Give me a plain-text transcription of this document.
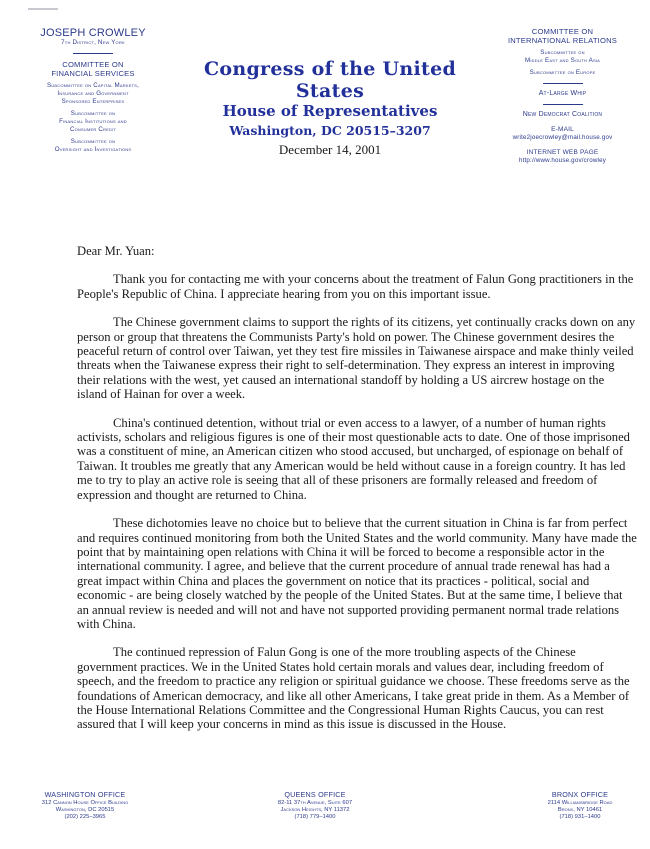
JOSEPH CROWLEY
7th District, New York
COMMITTEE ON
FINANCIAL SERVICES
Subcommittee on Capital Markets,
Insurance and Government
Sponsored Enterprises
Subcommittee on
Financial Institutions and
Consumer Credit
Subcommittee on
Oversight and Investigations
Congress of the United States
House of Representatives
Washington, DC 20515–3207
December 14, 2001
COMMITTEE ON
INTERNATIONAL RELATIONS
Subcommittee on
Middle East and South Asia
Subcommittee on Europe
At-Large Whip
New Democrat Coalition
E-MAIL
write2joecrowley@mail.house.gov
INTERNET WEB PAGE
http://www.house.gov/crowley
Dear Mr. Yuan:

Thank you for contacting me with your concerns about the treatment of Falun Gong practitioners in the People's Republic of China. I appreciate hearing from you on this important issue.

The Chinese government claims to support the rights of its citizens, yet continually cracks down on any person or group that threatens the Communists Party's hold on power. The Chinese government desires the peaceful return of control over Taiwan, yet they test fire missiles in Taiwanese airspace and make thinly veiled threats when the Taiwanese express their right to self-determination. They express an interest in improving their relations with the west, yet caused an international standoff by holding a US aircrew hostage on the island of Hainan for over a week.

China's continued detention, without trial or even access to a lawyer, of a number of human rights activists, scholars and religious figures is one of their most questionable acts to date. One of those imprisoned was a constituent of mine, an American citizen who stood accused, but uncharged, of espionage on behalf of Taiwan. It troubles me greatly that any American would be held without cause in a foreign country. It has led me to try to play an active role is seeing that all of these prisoners are formally released and freedom of expression and thought are returned to China.

These dichotomies leave no choice but to believe that the current situation in China is far from perfect and requires continued monitoring from both the United States and the world community. Many have made the point that by maintaining open relations with China it will be forced to become a responsible actor in the international community. I agree, and believe that the current procedure of annual trade renewal has had a great impact within China and places the government on notice that its practices - political, social and economic - are being closely watched by the people of the United States. But at the same time, I believe that an annual review is needed and will not and have not supported providing permanent normal trade relations with China.

The continued repression of Falun Gong is one of the more troubling aspects of the Chinese government practices. We in the United States hold certain morals and values dear, including freedom of speech, and the freedom to practice any religion or spiritual guidance we choose. These freedoms serve as the foundations of American democracy, and like all other Americans, I take great pride in them. As a Member of the House International Relations Committee and the Congressional Human Rights Caucus, you can rest assured that I will keep your concerns in mind as this issue is discussed in the House.

WASHINGTON OFFICE
312 Cannon House Office Building
Washington, DC 20515
(202) 225–3965
QUEENS OFFICE
82-11 37th Avenue, Suite 607
Jackson Heights, NY 11372
(718) 779–1400
BRONX OFFICE
2114 Williamsbridge Road
Bronx, NY 10461
(718) 931–1400
